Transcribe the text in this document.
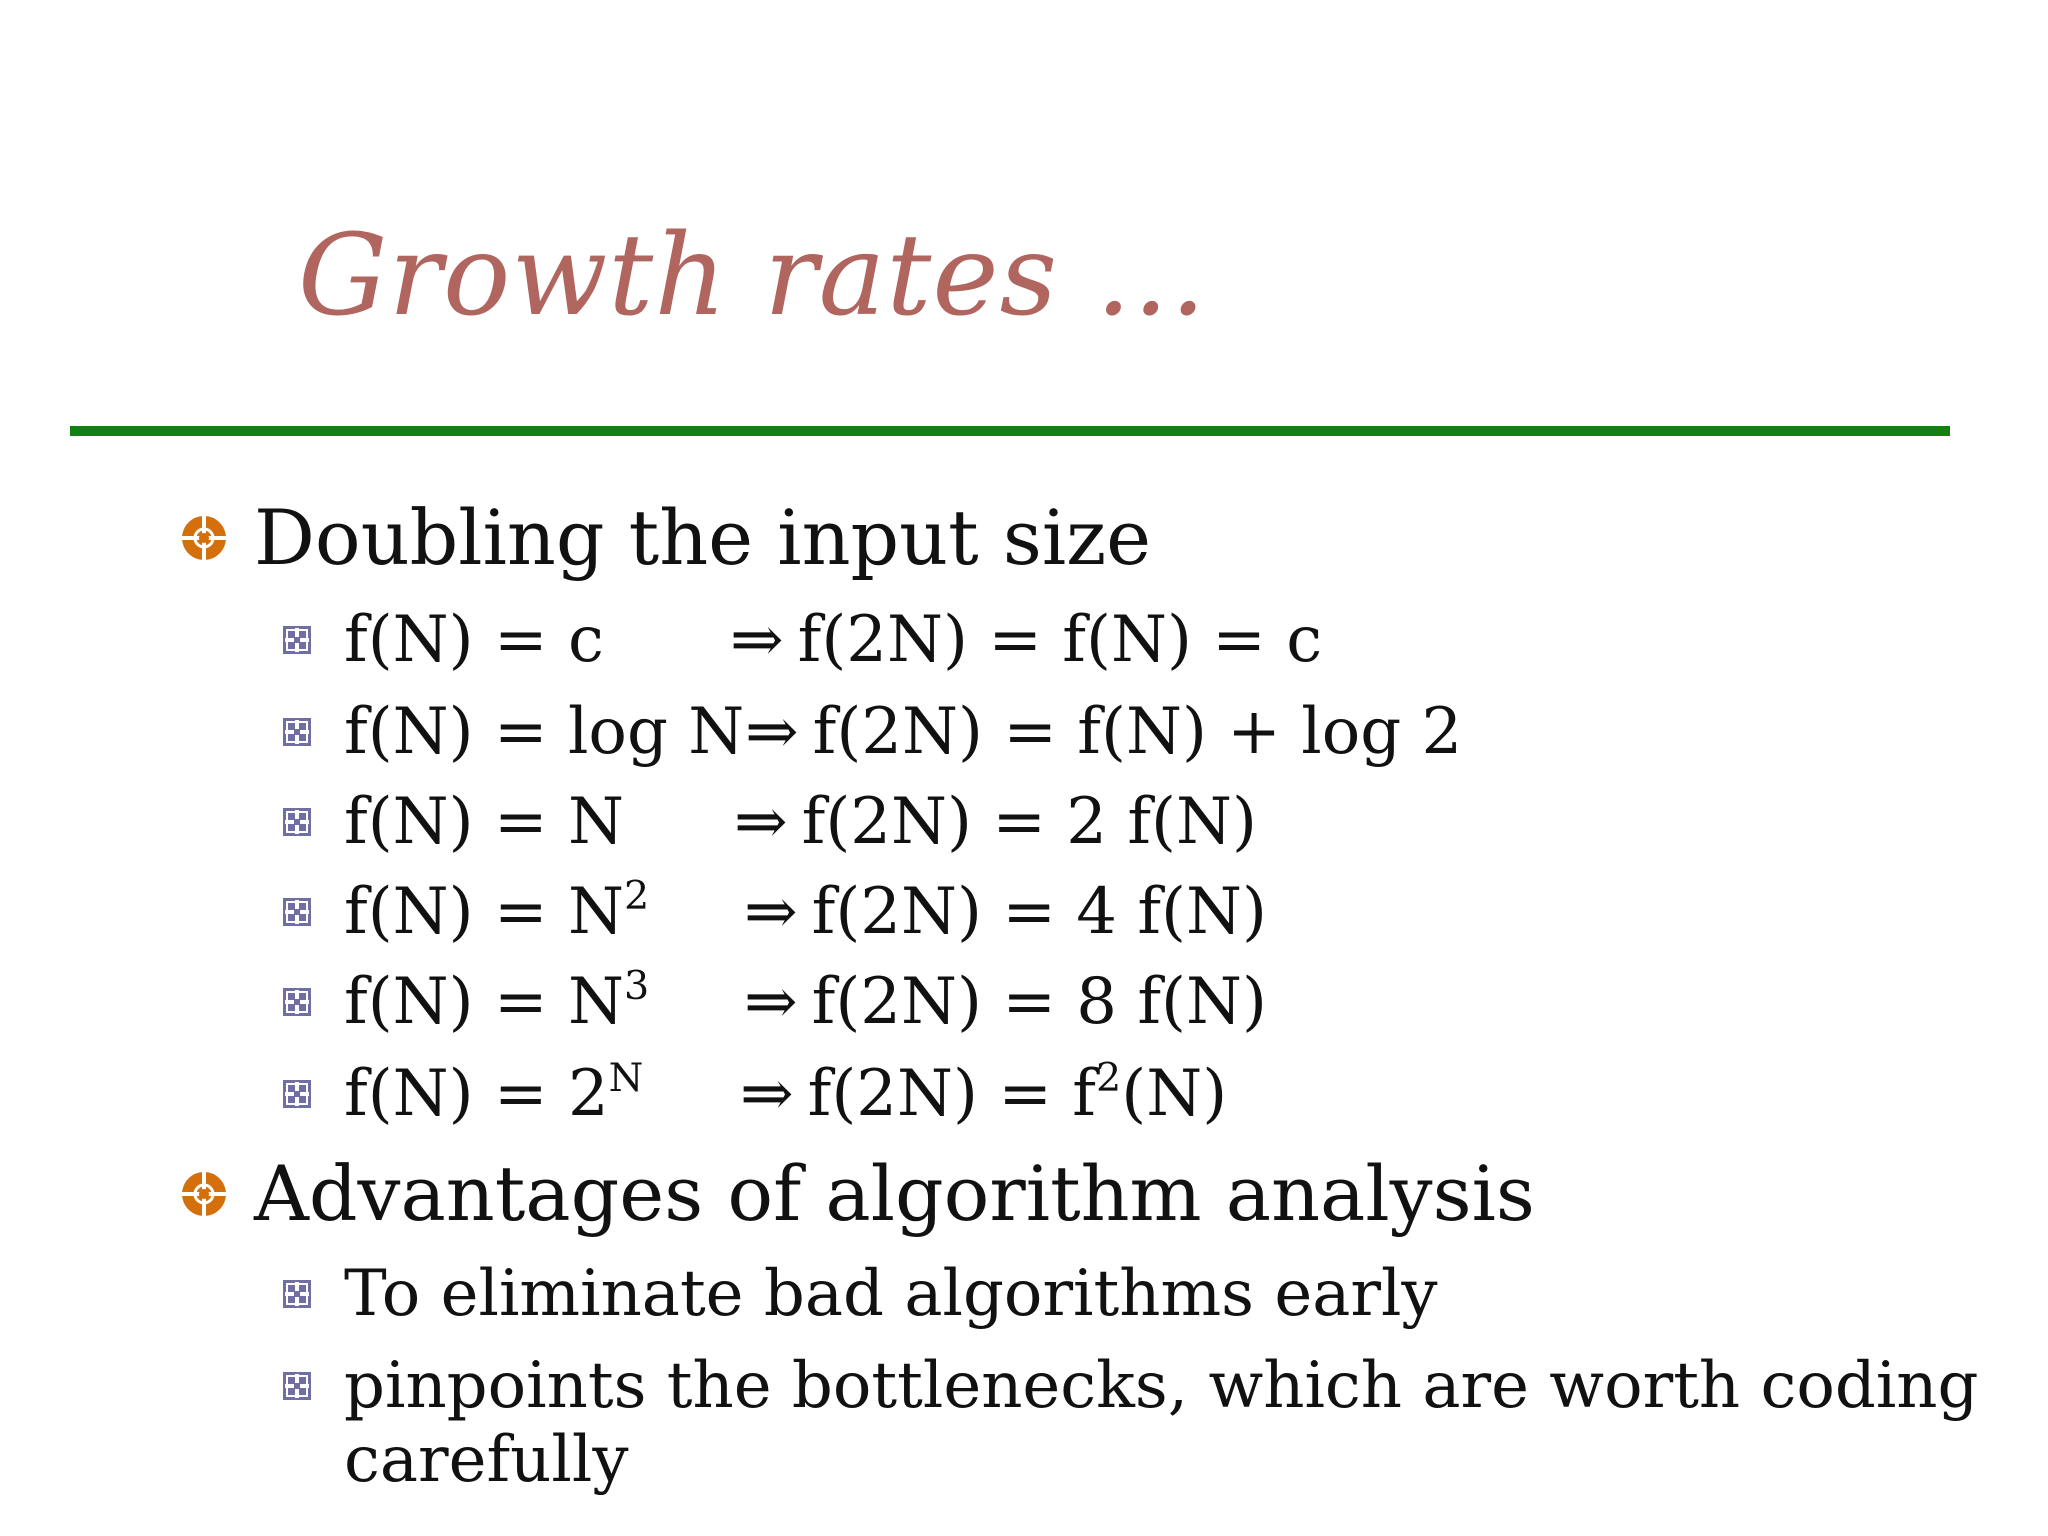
Growth rates …
Doubling the input size
f(N) = c ⇒ f(2N) = f(N) = c
f(N) = log N ⇒ f(2N) = f(N) + log 2
f(N) = N ⇒ f(2N) = 2 f(N)
$f(N) = N^2$ ⇒ f(2N) = 4 f(N)
$f(N) = N^3$ ⇒ f(2N) = 8 f(N)
$f(N) = 2^N$ ⇒ $f(2N) = f^2(N)$
Advantages of algorithm analysis
To eliminate bad algorithms early
pinpoints the bottlenecks, which are worth coding
carefully
